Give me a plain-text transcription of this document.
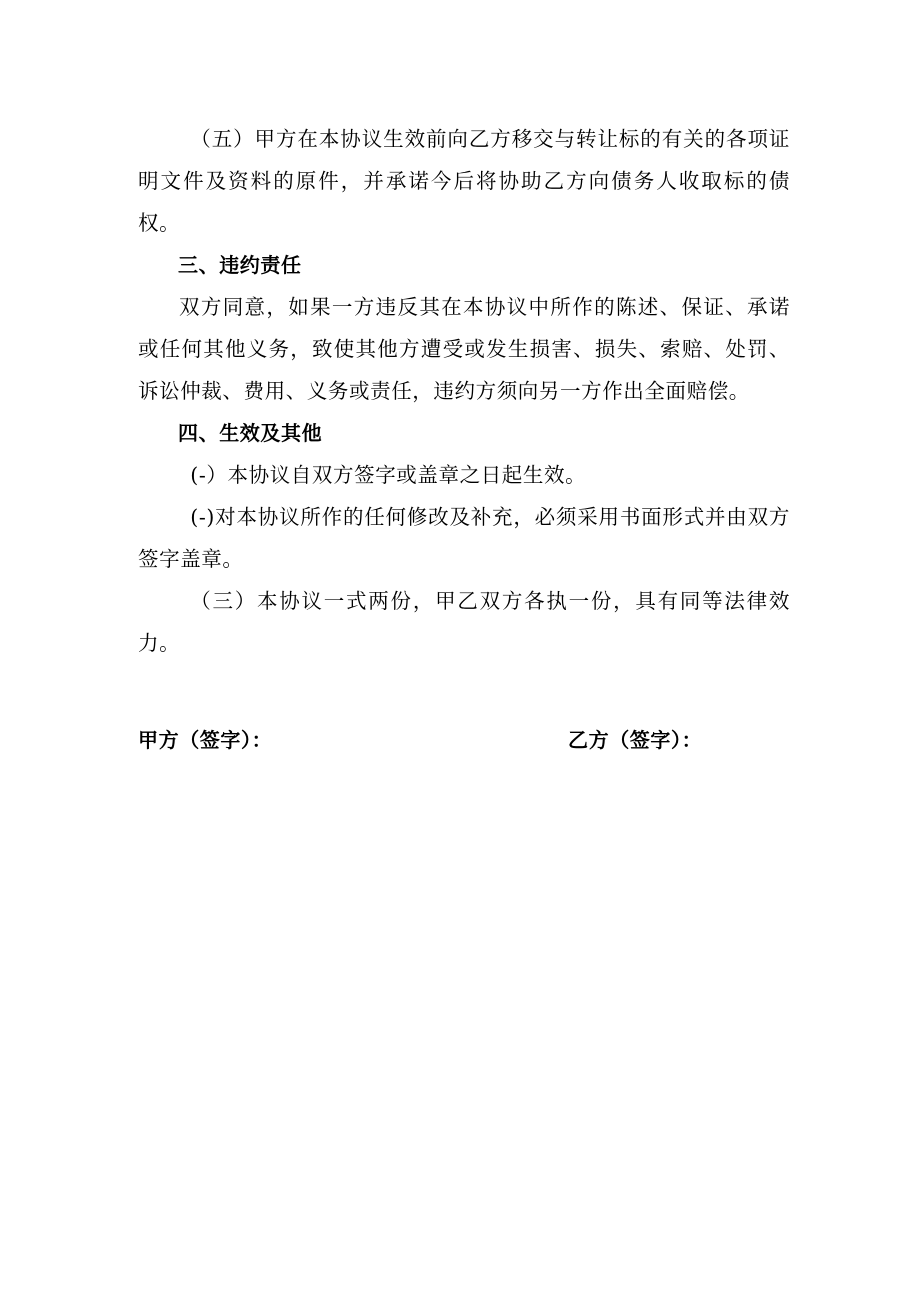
（五）甲方在本协议生效前向乙方移交与转让标的有关的各项证明文件及资料的原件，并承诺今后将协助乙方向债务人收取标的债权。

三、违约责任

双方同意，如果一方违反其在本协议中所作的陈述、保证、承诺或任何其他义务，致使其他方遭受或发生损害、损失、索赔、处罚、诉讼仲裁、费用、义务或责任，违约方须向另一方作出全面赔偿。

四、生效及其他

(-）本协议自双方签字或盖章之日起生效。

(-)对本协议所作的任何修改及补充，必须采用书面形式并由双方签字盖章。

（三）本协议一式两份，甲乙双方各执一份，具有同等法律效力。

甲方（签字）：	乙方（签字）：
